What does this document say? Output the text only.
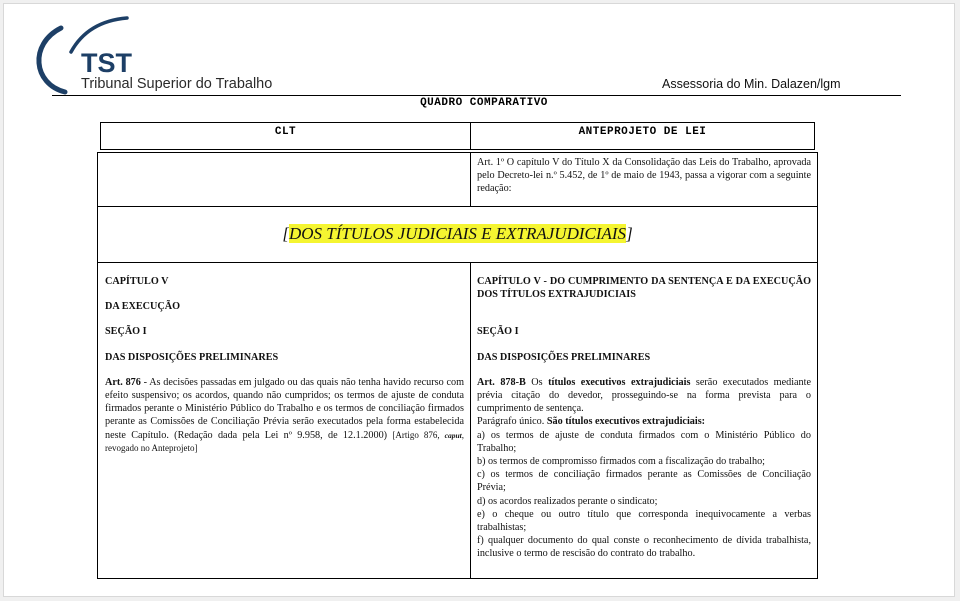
TST
Tribunal Superior do Trabalho	Assessoria do Min. Dalazen/lgm
QUADRO COMPARATIVO
CLT	ANTEPROJETO DE LEI

Art. 1º O capítulo V do Título X da Consolidação das Leis do Trabalho, aprovada pelo Decreto-lei n.º 5.452, de 1º de maio de 1943, passa a vigorar com a seguinte redação:

[DOS TÍTULOS JUDICIAIS E EXTRAJUDICIAIS]

CAPÍTULO V

DA EXECUÇÃO

SEÇÃO I

DAS DISPOSIÇÕES PRELIMINARES

Art. 876 - As decisões passadas em julgado ou das quais não tenha havido recurso com efeito suspensivo; os acordos, quando não cumpridos; os termos de ajuste de conduta firmados perante o Ministério Público do Trabalho e os termos de conciliação firmados perante as Comissões de Conciliação Prévia serão executados pela forma estabelecida neste Capítulo. (Redação dada pela Lei nº 9.958, de 12.1.2000) [Artigo 876, caput, revogado no Anteprojeto]

CAPÍTULO V - DO CUMPRIMENTO DA SENTENÇA E DA EXECUÇÃO DOS TÍTULOS EXTRAJUDICIAIS

SEÇÃO I

DAS DISPOSIÇÕES PRELIMINARES

Art. 878-B Os títulos executivos extrajudiciais serão executados mediante prévia citação do devedor, prosseguindo-se na forma prevista para o cumprimento de sentença.

Parágrafo único. São títulos executivos extrajudiciais:

a) os termos de ajuste de conduta firmados com o Ministério Público do Trabalho;

b) os termos de compromisso firmados com a fiscalização do trabalho;

c) os termos de conciliação firmados perante as Comissões de Conciliação Prévia;

d) os acordos realizados perante o sindicato;

e) o cheque ou outro título que corresponda inequivocamente a verbas trabalhistas;

f) qualquer documento do qual conste o reconhecimento de dívida trabalhista, inclusive o termo de rescisão do contrato do trabalho.
